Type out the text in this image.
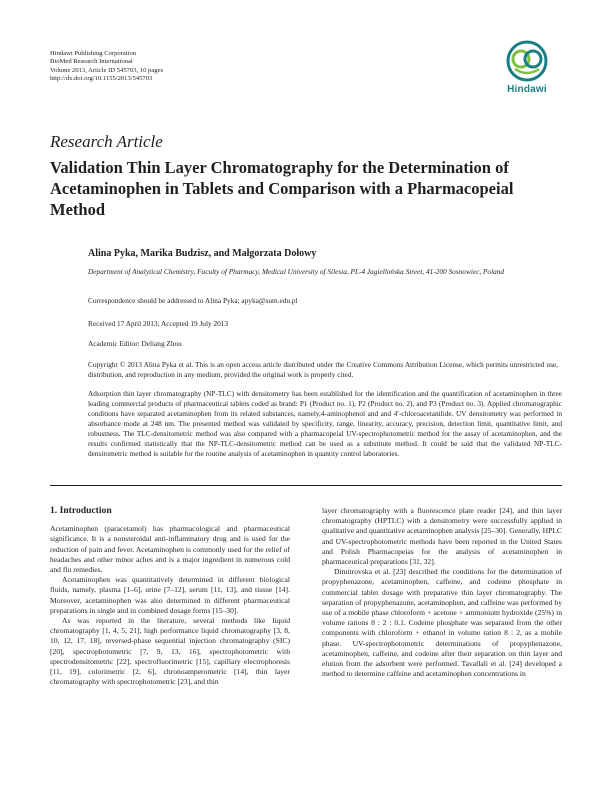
Hindawi Publishing Corporation
BioMed Research International
Volume 2013, Article ID 545703, 10 pages
http://dx.doi.org/10.1155/2013/545703
Hindawi
Research Article
Validation Thin Layer Chromatography for the Determination of Acetaminophen in Tablets and Comparison with a Pharmacopeial Method
Alina Pyka, Marika Budzisz, and Małgorzata Dołowy
Department of Analytical Chemistry, Faculty of Pharmacy, Medical University of Silesia, PL-4 Jagiellońska Street, 41-200 Sosnowiec, Poland
Correspondence should be addressed to Alina Pyka; apyka@sum.edu.pl
Received 17 April 2013; Accepted 19 July 2013
Academic Editor: Deliang Zhou
Copyright © 2013 Alina Pyka et al. This is an open access article distributed under the Creative Commons Attribution License, which permits unrestricted use, distribution, and reproduction in any medium, provided the original work is properly cited.
Adsorption thin layer chromatography (NP-TLC) with densitometry has been established for the identification and the quantification of acetaminophen in three leading commercial products of pharmaceutical tablets coded as brand: P1 (Product no. 1), P2 (Product no. 2), and P3 (Product no. 3). Applied chromatographic conditions have separated acetaminophen from its related substances, namely,4-aminophenol and and 4′-chloroacetanilide. UV densitometry was performed in absorbance mode at 248 nm. The presented method was validated by specificity, range, linearity, accuracy, precision, detection limit, quantitative limit, and robustness. The TLC-densitometric method was also compared with a pharmacopeial UV-spectrophotometric method for the assay of acetaminophen, and the results confirmed statistically that the NP-TLC-densitometric method can be used as a substitute method. It could be said that the validated NP-TLC-densitometric method is suitable for the routine analysis of acetaminophen in quantity control laboratories.
1. Introduction

Acetaminophen (paracetamol) has pharmacological and pharmaceutical significance. It is a nonsteroidal anti-inflammatory drug and is used for the reduction of pain and fever. Acetaminophen is commonly used for the relief of headaches and other minor aches and is a major ingredient in numerous cold and flu remedies.

Acetaminophen was quantitatively determined in different biological fluids, namely, plasma [1–6], urine [7–12], serum [11, 13], and tissue [14]. Moreover, acetaminophen was also determined in different pharmaceutical preparations in single and in combined dosage forms [15–30].

As was reported in the literature, several methods like liquid chromatography [1, 4, 5, 21], high performance liquid chromatography [3, 8, 10, 12, 17, 18], reversed-phase sequential injection chromatography (SIC) [20], spectrophotometric [7, 9, 13, 16], spectrophotometric with spectrodensitometric [22], spectrofluorimetric [15], capillary electrophoresis [11, 19], colorimetric [2, 6], chronoamperometric [14], thin layer chromatography with spectrophotometric [23], and thin

layer chromatography with a fluorescence plate reader [24], and thin layer chromatography (HPTLC) with a densitometry were successfully applied in qualitative and quantitative acetaminophen analysis [25–30]. Generally, HPLC and UV-spectrophotometric methods have been reported in the United States and Polish Pharmacopeias for the analysis of acetaminophen in pharmaceutical preparations [31, 32].

Dimitrovska et al. [23] described the conditions for the determination of propyphenazone, acetaminophen, caffeine, and codeine phosphate in commercial tablet dosage with preparative thin layer chromatography. The separation of propyphenazone, acetaminophen, and caffeine was performed by use of a mobile phase chloroform + acetone + ammonium hydroxide (25%) in volume rations 8 : 2 : 0.1. Codeine phosphate was separated from the other components with chloroform + ethanol in volume ration 8 : 2, as a mobile phase. UV-spectrophotometric determinations of propyphenazone, acetaminophen, caffeine, and codeine after their separation on thin layer and elution from the adsorbent were performed. Tavallali et al. [24] developed a method to determine caffeine and acetaminophen concentrations in
